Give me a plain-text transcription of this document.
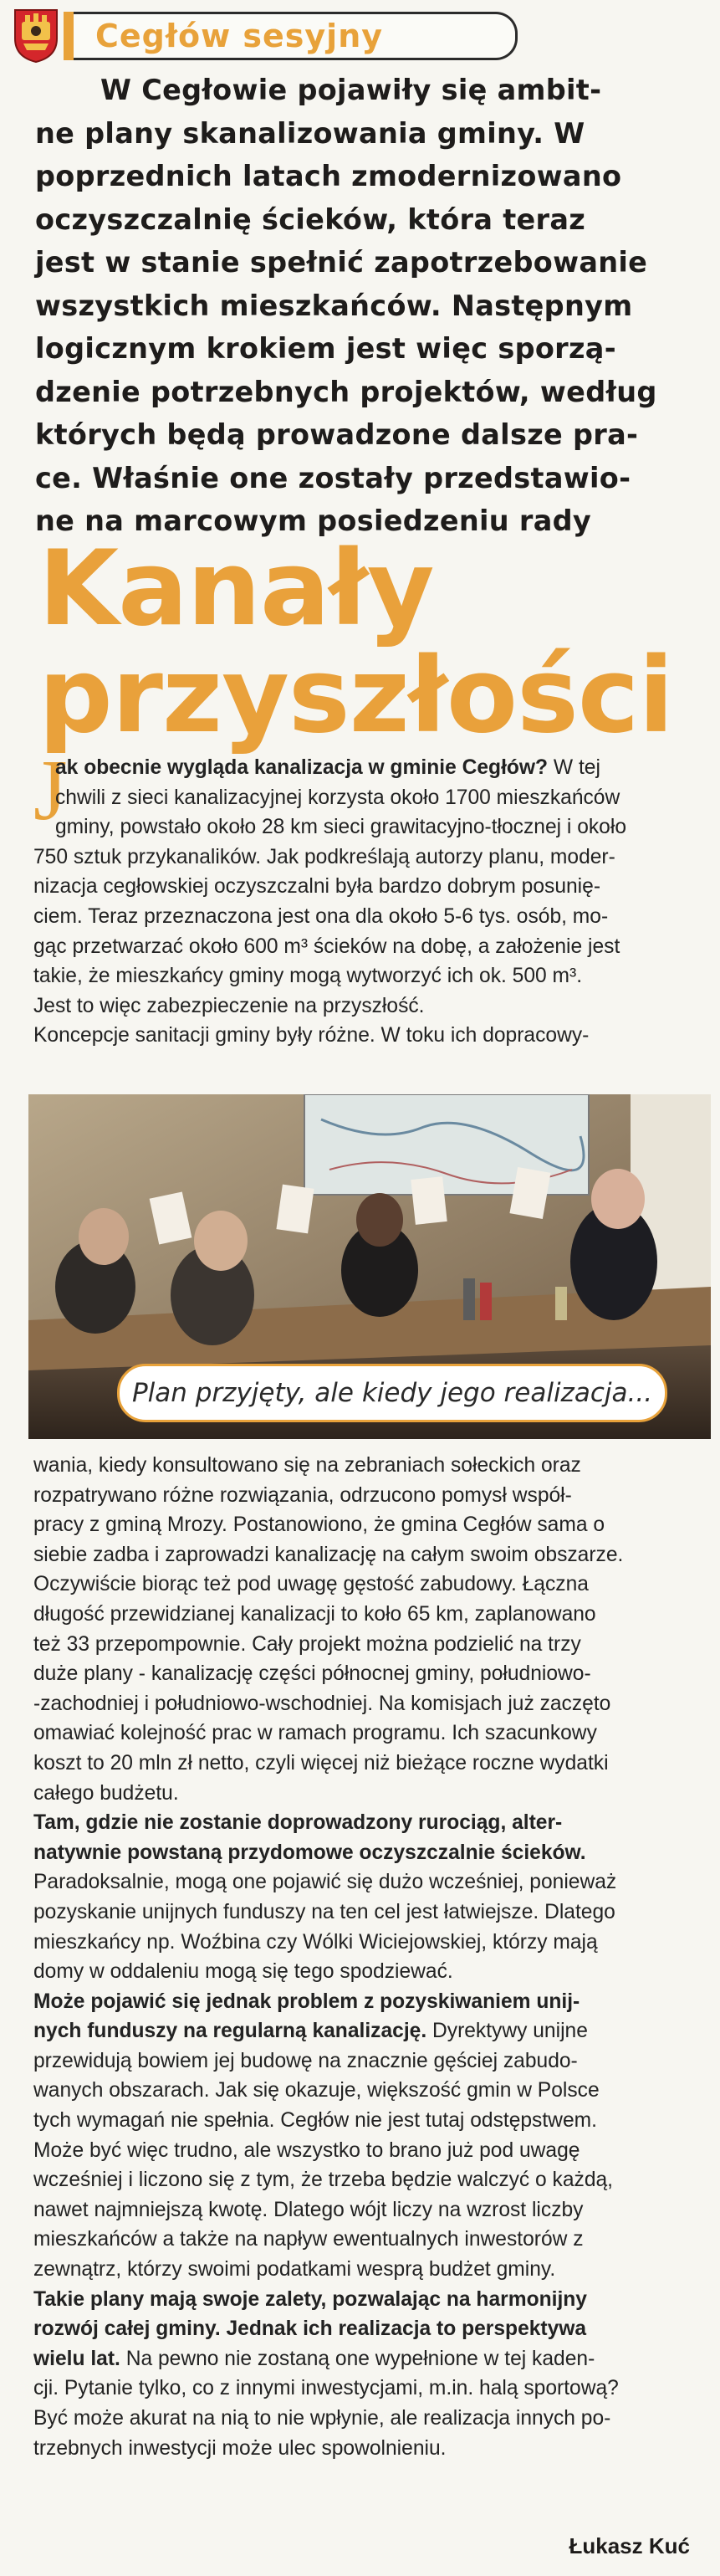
Cegłów sesyjny
W Cegłowie pojawiły się ambit-
ne plany skanalizowania gminy. W
poprzednich latach zmodernizowano
oczyszczalnię ścieków, która teraz
jest w stanie spełnić zapotrzebowanie
wszystkich mieszkańców. Następnym
logicznym krokiem jest więc sporzą-
dzenie potrzebnych projektów, według
których będą prowadzone dalsze pra-
ce. Właśnie one zostały przedstawio-
ne na marcowym posiedzeniu rady
Kanały
przyszłości
J
ak obecnie wygląda kanalizacja w gminie Cegłów? W tej
chwili z sieci kanalizacyjnej korzysta około 1700 mieszkańców
gminy, powstało około 28 km sieci grawitacyjno-tłocznej i około
750 sztuk przykanalików. Jak podkreślają autorzy planu, moder-
nizacja cegłowskiej oczyszczalni była bardzo dobrym posunię-
ciem. Teraz przeznaczona jest ona dla około 5-6 tys. osób, mo-
gąc przetwarzać około 600 m³ ścieków na dobę, a założenie jest
takie, że mieszkańcy gminy mogą wytworzyć ich ok. 500 m³.
Jest to więc zabezpieczenie na przyszłość.
Koncepcje sanitacji gminy były różne. W toku ich dopracowy-
Plan przyjęty, ale kiedy jego realizacja...
wania, kiedy konsultowano się na zebraniach sołeckich oraz
rozpatrywano różne rozwiązania, odrzucono pomysł współ-
pracy z gminą Mrozy. Postanowiono, że gmina Cegłów sama o
siebie zadba i zaprowadzi kanalizację na całym swoim obszarze.
Oczywiście biorąc też pod uwagę gęstość zabudowy. Łączna
długość przewidzianej kanalizacji to koło 65 km, zaplanowano
też 33 przepompownie. Cały projekt można podzielić na trzy
duże plany - kanalizację części północnej gminy, południowo-
-zachodniej i południowo-wschodniej. Na komisjach już zaczęto
omawiać kolejność prac w ramach programu. Ich szacunkowy
koszt to 20 mln zł netto, czyli więcej niż bieżące roczne wydatki
całego budżetu.
Tam, gdzie nie zostanie doprowadzony rurociąg, alter-
natywnie powstaną przydomowe oczyszczalnie ścieków.
Paradoksalnie, mogą one pojawić się dużo wcześniej, ponieważ
pozyskanie unijnych funduszy na ten cel jest łatwiejsze. Dlatego
mieszkańcy np. Woźbina czy Wólki Wiciejowskiej, którzy mają
domy w oddaleniu mogą się tego spodziewać.
Może pojawić się jednak problem z pozyskiwaniem unij-
nych funduszy na regularną kanalizację. Dyrektywy unijne
przewidują bowiem jej budowę na znacznie gęściej zabudo-
wanych obszarach. Jak się okazuje, większość gmin w Polsce
tych wymagań nie spełnia. Cegłów nie jest tutaj odstępstwem.
Może być więc trudno, ale wszystko to brano już pod uwagę
wcześniej i liczono się z tym, że trzeba będzie walczyć o każdą,
nawet najmniejszą kwotę. Dlatego wójt liczy na wzrost liczby
mieszkańców a także na napływ ewentualnych inwestorów z
zewnątrz, którzy swoimi podatkami wesprą budżet gminy.
Takie plany mają swoje zalety, pozwalając na harmonijny
rozwój całej gminy. Jednak ich realizacja to perspektywa
wielu lat. Na pewno nie zostaną one wypełnione w tej kaden-
cji. Pytanie tylko, co z innymi inwestycjami, m.in. halą sportową?
Być może akurat na nią to nie wpłynie, ale realizacja innych po-
trzebnych inwestycji może ulec spowolnieniu.
Łukasz Kuć
